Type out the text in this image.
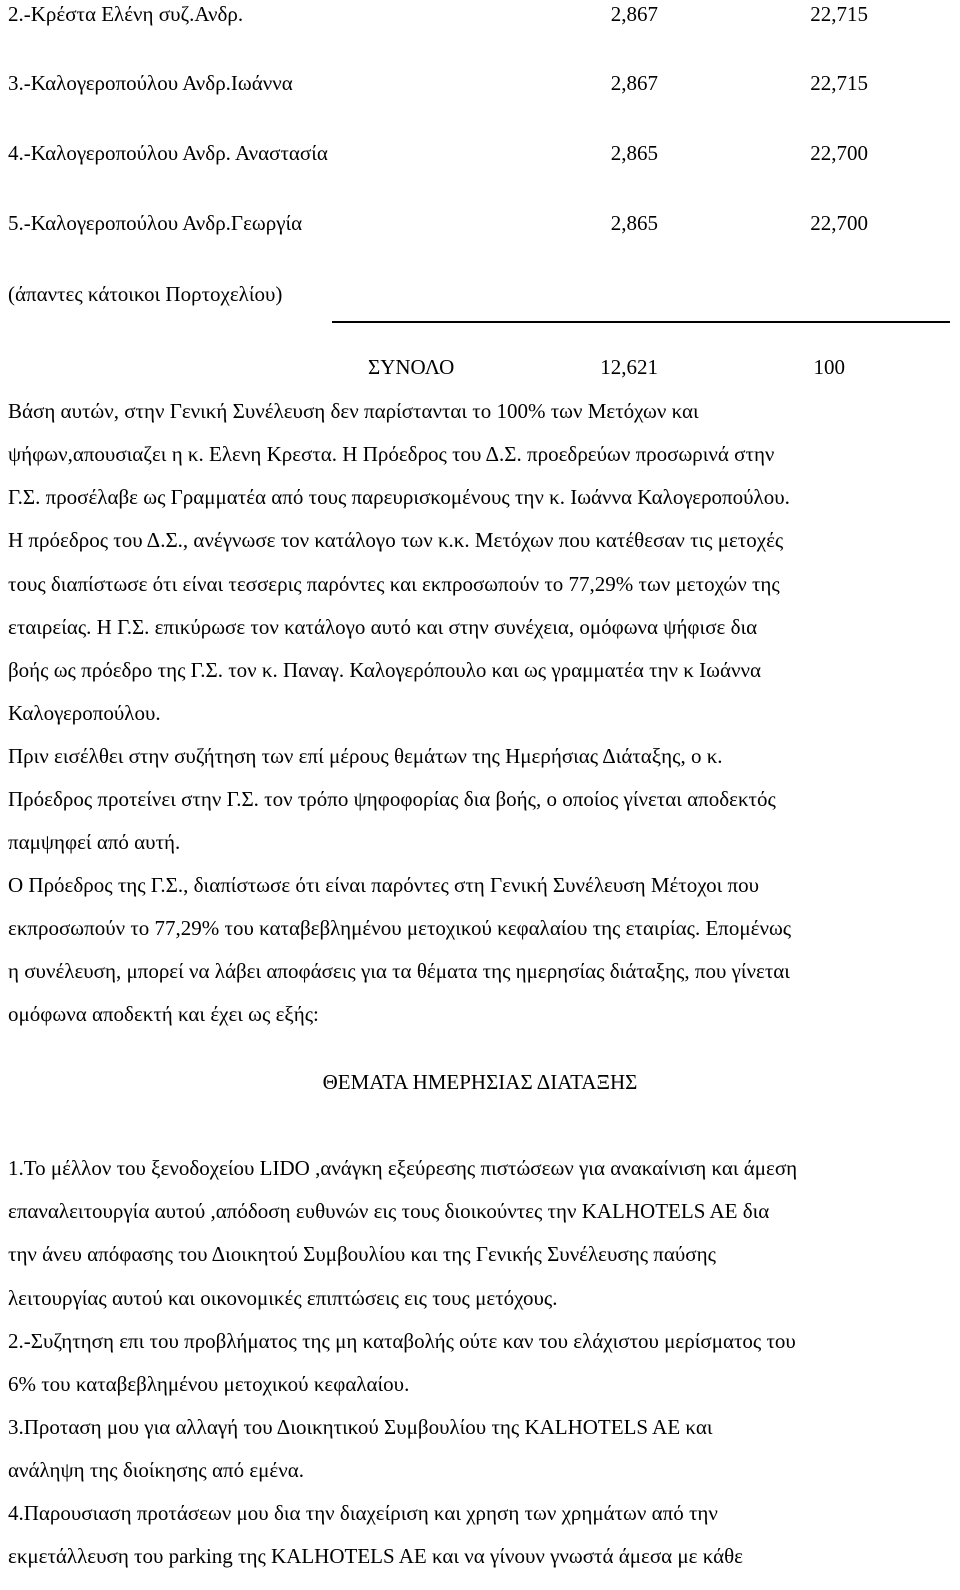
2.-Κρέστα Ελένη συζ.Ανδρ.	2,867	22,715
3.-Καλογεροπούλου Ανδρ.Ιωάννα	2,867	22,715
4.-Καλογεροπούλου Ανδρ. Αναστασία	2,865	22,700
5.-Καλογεροπούλου Ανδρ.Γεωργία	2,865	22,700
(άπαντες κάτοικοι Πορτοχελίου)
ΣΥΝΟΛΟ	12,621	100
Βάση αυτών, στην Γενική Συνέλευση δεν παρίστανται το 100% των Μετόχων και
ψήφων,απουσιαζει η κ. Ελενη Κρεστα. Η Πρόεδρος του Δ.Σ. προεδρεύων προσωρινά στην
Γ.Σ. προσέλαβε ως Γραμματέα από τους παρευρισκομένους την κ. Ιωάννα Καλογεροπούλου.
Η πρόεδρος του Δ.Σ., ανέγνωσε τον κατάλογο των κ.κ. Μετόχων που κατέθεσαν τις μετοχές
τους διαπίστωσε ότι είναι τεσσερις παρόντες και εκπροσωπούν το 77,29% των μετοχών της
εταιρείας. Η Γ.Σ. επικύρωσε τον κατάλογο αυτό και στην συνέχεια, ομόφωνα ψήφισε δια
βοής ως πρόεδρο της Γ.Σ. τον κ. Παναγ. Καλογερόπουλο και ως γραμματέα την κ Ιωάννα
Καλογεροπούλου.
Πριν εισέλθει στην συζήτηση των επί μέρους θεμάτων της Ημερήσιας Διάταξης, ο κ.
Πρόεδρος προτείνει στην Γ.Σ. τον τρόπο ψηφοφορίας δια βοής, ο οποίος γίνεται αποδεκτός
παμψηφεί από αυτή.
Ο Πρόεδρος της Γ.Σ., διαπίστωσε ότι είναι παρόντες στη Γενική Συνέλευση Μέτοχοι που
εκπροσωπούν το 77,29% του καταβεβλημένου μετοχικού κεφαλαίου της εταιρίας. Επομένως
η συνέλευση, μπορεί να λάβει αποφάσεις για τα θέματα της ημερησίας διάταξης, που γίνεται
ομόφωνα αποδεκτή και έχει ως εξής:
ΘΕΜΑΤΑ ΗΜΕΡΗΣΙΑΣ ΔΙΑΤΑΞΗΣ
1.Το μέλλον του ξενοδοχείου LIDO ,ανάγκη εξεύρεσης πιστώσεων για ανακαίνιση και άμεση
επαναλειτουργία αυτού ,απόδοση ευθυνών εις τους διοικούντες την KALHOTELS AE δια
την άνευ απόφασης του Διοικητού Συμβουλίου και της Γενικής Συνέλευσης παύσης
λειτουργίας αυτού και οικονομικές επιπτώσεις εις τους μετόχους.
2.-Συζητηση επι του προβλήματος της μη καταβολής ούτε καν του ελάχιστου μερίσματος του
6% του καταβεβλημένου μετοχικού κεφαλαίου.
3.Προταση μου για αλλαγή του Διοικητικού Συμβουλίου της KALHOTELS AE και
ανάληψη της διοίκησης από εμένα.
4.Παρουσιαση προτάσεων μου δια την διαχείριση και χρηση των χρημάτων από την
εκμετάλλευση του parking της KALHOTELS AE και να γίνουν γνωστά άμεσα με κάθε
